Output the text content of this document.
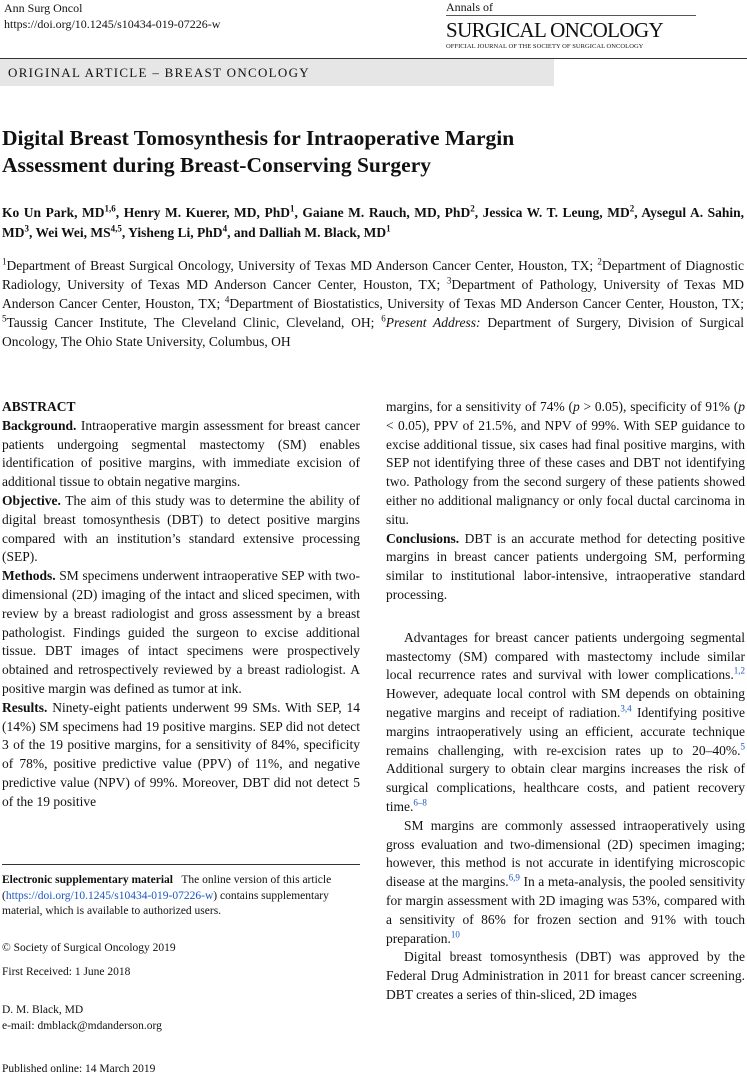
Ann Surg Oncol
https://doi.org/10.1245/s10434-019-07226-w
Annals of
SURGICAL ONCOLOGY
OFFICIAL JOURNAL OF THE SOCIETY OF SURGICAL ONCOLOGY
ORIGINAL ARTICLE – BREAST ONCOLOGY
Digital Breast Tomosynthesis for Intraoperative Margin
Assessment during Breast-Conserving Surgery
Ko Un Park, MD$^{1,6}$, Henry M. Kuerer, MD, PhD$^1$, Gaiane M. Rauch, MD, PhD$^2$, Jessica W. T. Leung, $MD^2$, Aysegul A. Sahin, $MD^3$, Wei Wei, MS$^{4,5}$, Yisheng Li, PhD$^4$, and Dalliah M. Black, $MD^1$
$^1$Department of Breast Surgical Oncology, University of Texas MD Anderson Cancer Center, Houston, TX; $^2$Department of Diagnostic Radiology, University of Texas MD Anderson Cancer Center, Houston, TX; $^3$Department of Pathology, University of Texas MD Anderson Cancer Center, Houston, TX; $^4$Department of Biostatistics, University of Texas MD Anderson Cancer Center, Houston, TX; $^5$Taussig Cancer Institute, The Cleveland Clinic, Cleveland, OH; $^6$Present Address: Department of Surgery, Division of Surgical Oncology, The Ohio State University, Columbus, OH

ABSTRACT

Background. Intraoperative margin assessment for breast cancer patients undergoing segmental mastectomy (SM) enables identification of positive margins, with immediate excision of additional tissue to obtain negative margins.

Objective. The aim of this study was to determine the ability of digital breast tomosynthesis (DBT) to detect positive margins compared with an institution’s standard extensive processing (SEP).

Methods. SM specimens underwent intraoperative SEP with two-dimensional (2D) imaging of the intact and sliced specimen, with review by a breast radiologist and gross assessment by a breast pathologist. Findings guided the surgeon to excise additional tissue. DBT images of intact specimens were prospectively obtained and retrospectively reviewed by a breast radiologist. A positive margin was defined as tumor at ink.

Results. Ninety-eight patients underwent 99 SMs. With SEP, 14 (14%) SM specimens had 19 positive margins. SEP did not detect 3 of the 19 positive margins, for a sensitivity of 84%, specificity of 78%, positive predictive value (PPV) of 11%, and negative predictive value (NPV) of 99%. Moreover, DBT did not detect 5 of the 19 positive

margins, for a sensitivity of 74% (p > 0.05), specificity of 91% (p < 0.05), PPV of 21.5%, and NPV of 99%. With SEP guidance to excise additional tissue, six cases had final positive margins, with SEP not identifying three of these cases and DBT not identifying two. Pathology from the second surgery of these patients showed either no additional malignancy or only focal ductal carcinoma in situ.

Conclusions. DBT is an accurate method for detecting positive margins in breast cancer patients undergoing SM, performing similar to institutional labor-intensive, intraoperative standard processing.

Advantages for breast cancer patients undergoing segmental mastectomy (SM) compared with mastectomy include similar local recurrence rates and survival with lower complications.$^{1,2}$ However, adequate local control with SM depends on obtaining negative margins and receipt of radiation.$^{3,4}$ Identifying positive margins intraoperatively using an efficient, accurate technique remains challenging, with re-excision rates up to 20–40%.$^5$ Additional surgery to obtain clear margins increases the risk of surgical complications, healthcare costs, and patient recovery time.$^{6-8}$

SM margins are commonly assessed intraoperatively using gross evaluation and two-dimensional (2D) specimen imaging; however, this method is not accurate in identifying microscopic disease at the margins.$^{6,9}$ In a meta-analysis, the pooled sensitivity for margin assessment with 2D imaging was 53%, compared with a sensitivity of 86% for frozen section and 91% with touch preparation.$^{10}$

Digital breast tomosynthesis (DBT) was approved by the Federal Drug Administration in 2011 for breast cancer screening. DBT creates a series of thin-sliced, 2D images

Electronic supplementary material The online version of this article (https://doi.org/10.1245/s10434-019-07226-w) contains supplementary material, which is available to authorized users.
© Society of Surgical Oncology 2019
First Received: 1 June 2018
D. M. Black, MD
e-mail: dmblack@mdanderson.org
Published online: 14 March 2019
